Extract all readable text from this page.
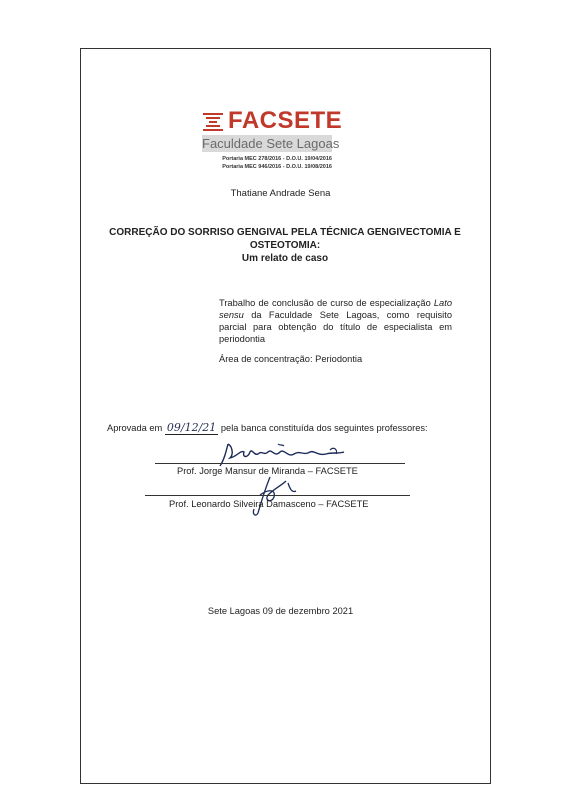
FACSETE
Faculdade Sete Lagoas
Portaria MEC 278/2016 - D.O.U. 19/04/2016
Portaria MEC 946/2016 - D.O.U. 19/08/2016
Thatiane Andrade Sena
CORREÇÃO DO SORRISO GENGIVAL PELA TÉCNICA GENGIVECTOMIA E
OSTEOTOMIA:
Um relato de caso
Trabalho de conclusão de curso de especialização Lato sensu da Faculdade Sete Lagoas, como requisito parcial para obtenção do título de especialista em periodontia
Área de concentração: Periodontia
Aprovada em 09/12/21 pela banca constituída dos seguintes professores:
Prof. Jorge Mansur de Miranda – FACSETE
Prof. Leonardo Silveira Damasceno – FACSETE
Sete Lagoas 09 de dezembro 2021
